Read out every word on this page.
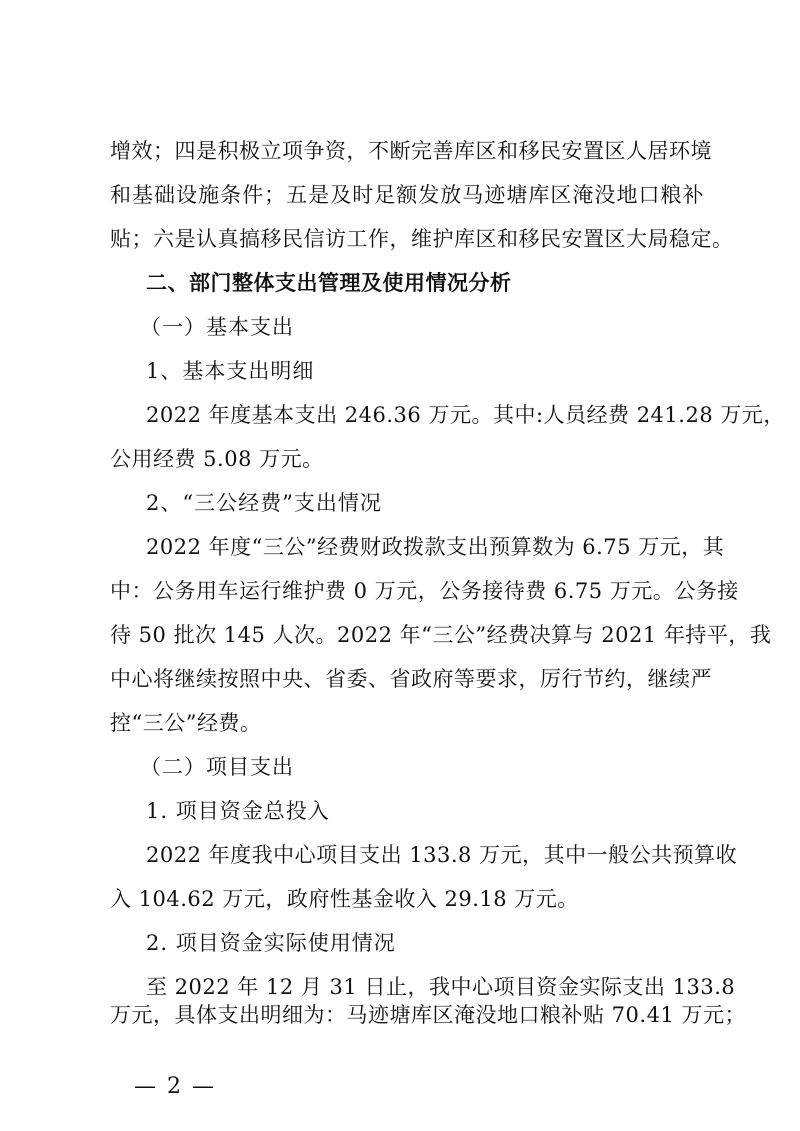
增效；四是积极立项争资，不断完善库区和移民安置区人居环境
和基础设施条件；五是及时足额发放马迹塘库区淹没地口粮补
贴；六是认真搞移民信访工作，维护库区和移民安置区大局稳定。
二、部门整体支出管理及使用情况分析
（一）基本支出
1、基本支出明细
2022 年度基本支出 246.36 万元。其中:人员经费 241.28 万元，
公用经费 5.08 万元。
2、“三公经费”支出情况
2022 年度“三公”经费财政拨款支出预算数为 6.75 万元，其
中：公务用车运行维护费 0 万元，公务接待费 6.75 万元。公务接
待 50 批次 145 人次。2022 年“三公”经费决算与 2021 年持平，我
中心将继续按照中央、省委、省政府等要求，厉行节约，继续严
控“三公”经费。
（二）项目支出
1. 项目资金总投入
2022 年度我中心项目支出 133.8 万元，其中一般公共预算收
入 104.62 万元，政府性基金收入 29.18 万元。
2. 项目资金实际使用情况
至 2022 年 12 月 31 日止，我中心项目资金实际支出 133.8
万元，具体支出明细为：马迹塘库区淹没地口粮补贴 70.41 万元；
— 2 —
